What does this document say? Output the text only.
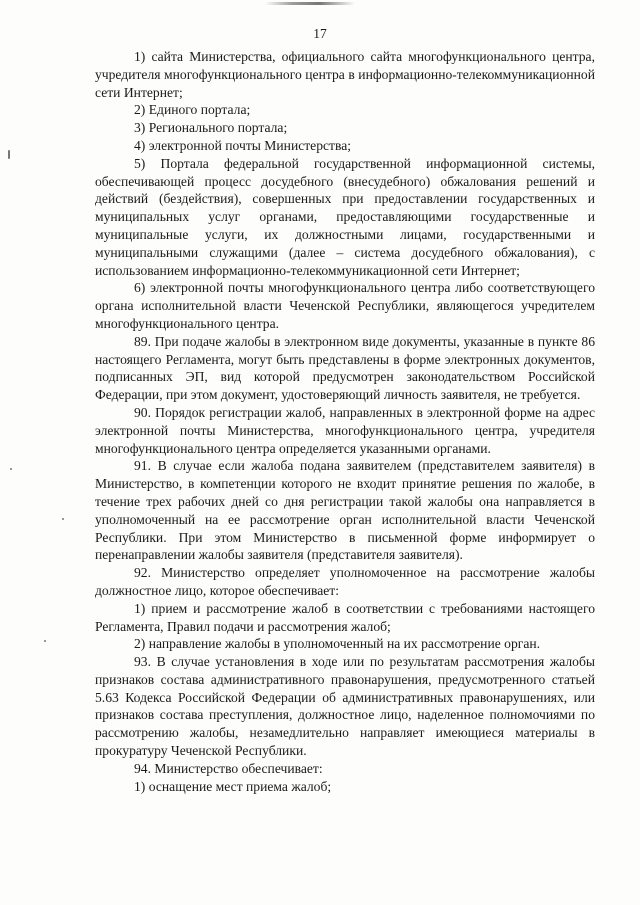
17

1) сайта Министерства, официального сайта многофункционального центра, учредителя многофункционального центра в информационно-телекоммуникационной сети Интернет;

2) Единого портала;

3) Регионального портала;

4) электронной почты Министерства;

5) Портала федеральной государственной информационной системы, обеспечивающей процесс досудебного (внесудебного) обжалования решений и действий (бездействия), совершенных при предоставлении государственных и муниципальных услуг органами, предоставляющими государственные и муниципальные услуги, их должностными лицами, государственными и муниципальными служащими (далее – система досудебного обжалования), с использованием информационно-телекоммуникационной сети Интернет;

6) электронной почты многофункционального центра либо соответствующего органа исполнительной власти Чеченской Республики, являющегося учредителем многофункционального центра.

89. При подаче жалобы в электронном виде документы, указанные в пункте 86 настоящего Регламента, могут быть представлены в форме электронных документов, подписанных ЭП, вид которой предусмотрен законодательством Российской Федерации, при этом документ, удостоверяющий личность заявителя, не требуется.

90. Порядок регистрации жалоб, направленных в электронной форме на адрес электронной почты Министерства, многофункционального центра, учредителя многофункционального центра определяется указанными органами.

91. В случае если жалоба подана заявителем (представителем заявителя) в Министерство, в компетенции которого не входит принятие решения по жалобе, в течение трех рабочих дней со дня регистрации такой жалобы она направляется в уполномоченный на ее рассмотрение орган исполнительной власти Чеченской Республики. При этом Министерство в письменной форме информирует о перенаправлении жалобы заявителя (представителя заявителя).

92. Министерство определяет уполномоченное на рассмотрение жалобы должностное лицо, которое обеспечивает:

1) прием и рассмотрение жалоб в соответствии с требованиями настоящего Регламента, Правил подачи и рассмотрения жалоб;

2) направление жалобы в уполномоченный на их рассмотрение орган.

93. В случае установления в ходе или по результатам рассмотрения жалобы признаков состава административного правонарушения, предусмотренного статьей 5.63 Кодекса Российской Федерации об административных правонарушениях, или признаков состава преступления, должностное лицо, наделенное полномочиями по рассмотрению жалобы, незамедлительно направляет имеющиеся материалы в прокуратуру Чеченской Республики.

94. Министерство обеспечивает:

1) оснащение мест приема жалоб;
